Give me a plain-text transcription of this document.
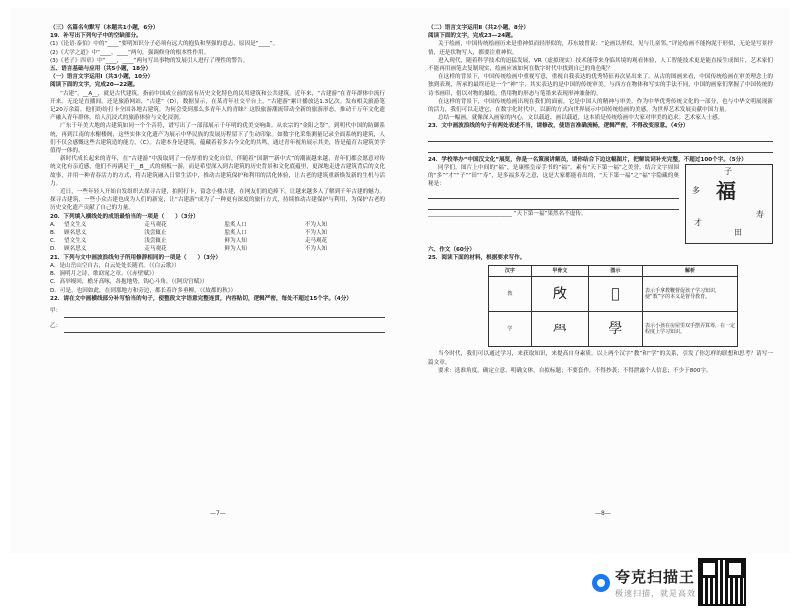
（三）名篇名句默写（本题共1小题，6分）
19．补写出下列句子中的空缺部分。
(1)《论语·泰伯》中的“____”要明知识分子必须有远大的抱负和坚强的意志，原因是“____”。
(2)《大学之道》中“____，____”两句，强调修身的根本性作用。
(3)《老子》四章》中“____，____”两句写出事物的发展引人进行了理性的警告。
五、语言基础与应用（共5小题，18分）
（一）语言文字运用Ⅰ（共3小题，10分）
阅读下面的文字，完成20—22题。
“古建”，__A__，就是古代建筑。指前中国成立前的富有历史文化特色的民用建筑和公共建筑。近年来，“古建游”在青年群体中流行开来。无论是直播间，还是旅游网站，“古建”（D），数据显示，在某青年社交平台上，“古建游”累计播放达1.3亿次。发布相关旅游笔记20万余篇。他们纷纷打卡全国各地古建筑。为何会受到那么多青年人的青睐？这股旅游潮流带动全新的旅游形态，推动千万年文化遗产融入青年群体，给人沉浸式的旅游体验与文化浸润。
广东千年美大地的古建筑如同一个个音符，谱写出了一部部展示千年明的优美交响曲。从农宗的“金阳之祭”，到明代中国的防御系统，再到江南的水榭楼阁，这些实体文化遗产为展示中华民族的发展历程留下了生动印象。如数字化采集测量记录全面系统的建筑，人们不仅会感慨这些古建筑造的能力，（C）。古建本身是建筑，蕴藏着着多古今文化的共鸣，通过青年视角展示其美，皆是蕴育古建筑美学值得一体的。
新时代成长起来的青年，在“古建游”中汲取到了一份厚重的文化自信，伴随着“国潮”“新中式”的潮流越来越，青年们都会愿意对传统文化有亲近感，他们不再满足于__B__式的刻板一游，而是希望深入到古建筑的历史背景和文化底蕴里，更深地走进古建筑背后的文化故事，并用一种青春活力的方式，将古建筑融入日常生活中，推动古建筑保护和利用的活化体验，让古老的建筑重新焕发新的生机与活力。
近日，一些年轻人开始自发组织去探寻古建，拍照打卡，留念小楼古建，在网友们的追捧下，让越来越多人了解到千年古建的魅力。探寻古建筑，一些小众古建也成为人们的新宠，让“古建游”成为了一种更有深度的旅行方式，持续推动古建保护与利用，为保护古老的历史文化遗产贡献了自己的力量。
20．下列填入横线处的成语最恰当的一项是（　　）（3分）
A.	望文生义	走马观花	脍炙人口	不为人知
B.	顾名思义	浅尝辄止	脍炙人口	不为人知
C.	望文生义	浅尝辄止	鲜为人知	走马观花
D.	顾名思义	走马观花	鲜为人知	不为人知
21．下列与文中画波浪线句子所用修辞相同的一项是（　　）（3分）
A．是山岳山空自古，白云处处长随君。（《白云歌》）
B．涧明月之诗，歌窈窕之章。（《赤壁赋》）
C．高举缦回，檐牙高啄，各抱地势，钩心斗角。（《阿房宫赋》）
D．可是，也因如此，在到那地方和旁边，都长着许多垂柳，（《故都的秋》）
22．请在文中画横线部分补写恰当的句子，使整段文字语意完整连贯，内容贴切，逻辑严密，每处不超过15个字。（4分）
甲：
乙：
—7—
（二）语言文字运用Ⅱ（共2小题，8分）
阅读下面的文字，完成23—24题。
关于绘画，中国传统绘画历来是重神似而轻形似的，苏东坡曾说：“论画以形似，见与儿童邻。”评论绘画不能拘泥于形似，无论是写景抒情，还是状物写人，都要注重神似。
进入现代，随着科学技术的迅猛发展，VR（虚拟现实）技术能带来身临其境的观看体验，人工智能技术更是能直接生成图片，艺术家们不能再用画笔去复制现实，绘画应该如何在数字时代中找到自己的角色呢？
在这样的背景下，中国传统绘画中重视写意，重视自我表达的优秀特征再次显出来了。从古的图画来看，中国传统绘画在审美理念上的独到表现，所承的最终还是一个“神”字，其实表达的是中国的传统审美。与西方在物体和写实的手法不同，中国的画家们掌握了中国传统的诗书画印，借以对物的描绘，借用物的形态与笔墨来表现形神兼备的。
在这样的背景下，中国传统绘画出现在我们的面前，它是中国人的精神与审美。作为中华优秀传统文化的一部分，也与中华文明展现新的活力，我们可以走进它，在数字化时代中，以新的方式向世界展示中国传统绘画的美感，为世界艺术发展贡献中国力量。
总结一幅画，就像深入画家的内心，文以载道、画以载道，这本质是传统绘画中大家对审美的追求。艺术家人士感。
23．文中画波浪线的句子有两处表述不当，请修改，使语言准确流畅，逻辑严密，不得改变原意。（4分）
24．学校举办“中国汉文化”展览，你是一名策展讲解员，请你结合下边这幅图片，把解说词补充完整，不超过100个字。（5分）
同学们，图片上中间的“福”，是康熙皇帝手书的“福”，素有“天下第一福”之美誉，结合文字周围的“多”“才”“子”“田”“寿”，是多福多寿之意，这是大家都能看出的，“天下第一福”之“福”字隐藏的奥秘是：
______________________________ “天下第一福”果然名不虚传。
子
多 福
寿
才
田
六、作文（60分）
25．阅读下面的材料，根据要求写作。
汉字	甲骨文	图示	解析
教	𢼄	𢽽	表示手拿教鞭督促孩子学习知识，使“教”字的本义是督导教育。
学	𦥯	學	表示小孩在房屋里双手摆弄算筹，在一定程度上学习知识。
当今时代，我们可以通过学习，来获取知识，来提高自身素质。以上两个汉字“教”和“学”的关系，引发了你怎样的联想和思考？请写一篇文章。
要求：选准角度，确定立意，明确文体，自拟标题；不要套作，不得抄袭；不得泄露个人信息；不少于800字。
—8—
夸克扫描王
极速扫描，就是高效
